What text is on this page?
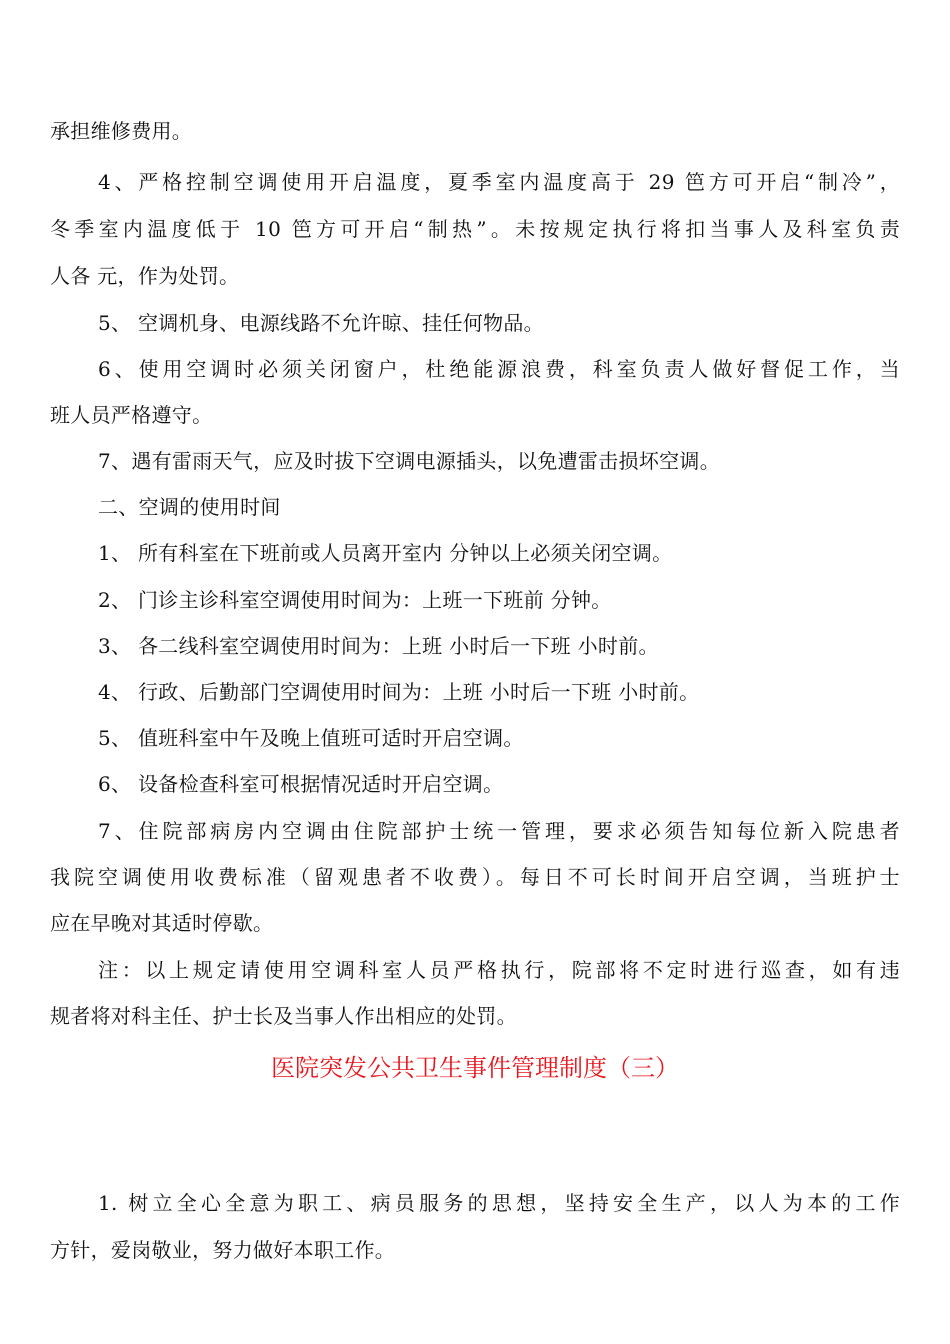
承担维修费用。
4、严格控制空调使用开启温度，夏季室内温度高于 29 笆方可开启“制冷”，
冬季室内温度低于 10 笆方可开启“制热”。未按规定执行将扣当事人及科室负责
人各 元，作为处罚。
5、 空调机身、电源线路不允许晾、挂任何物品。
6、使用空调时必须关闭窗户，杜绝能源浪费，科室负责人做好督促工作，当
班人员严格遵守。
7、遇有雷雨天气，应及时拔下空调电源插头，以免遭雷击损坏空调。
二、空调的使用时间
1、 所有科室在下班前或人员离开室内 分钟以上必须关闭空调。
2、 门诊主诊科室空调使用时间为：上班一下班前 分钟。
3、 各二线科室空调使用时间为：上班 小时后一下班 小时前。
4、 行政、后勤部门空调使用时间为：上班 小时后一下班 小时前。
5、 值班科室中午及晚上值班可适时开启空调。
6、 设备检查科室可根据情况适时开启空调。
7、住院部病房内空调由住院部护士统一管理，要求必须告知每位新入院患者
我院空调使用收费标准（留观患者不收费）。每日不可长时间开启空调，当班护士
应在早晚对其适时停歇。
注：以上规定请使用空调科室人员严格执行，院部将不定时进行巡查，如有违
规者将对科主任、护士长及当事人作出相应的处罚。
医院突发公共卫生事件管理制度（三）
1. 树立全心全意为职工、病员服务的思想，坚持安全生产，以人为本的工作
方针，爱岗敬业，努力做好本职工作。
